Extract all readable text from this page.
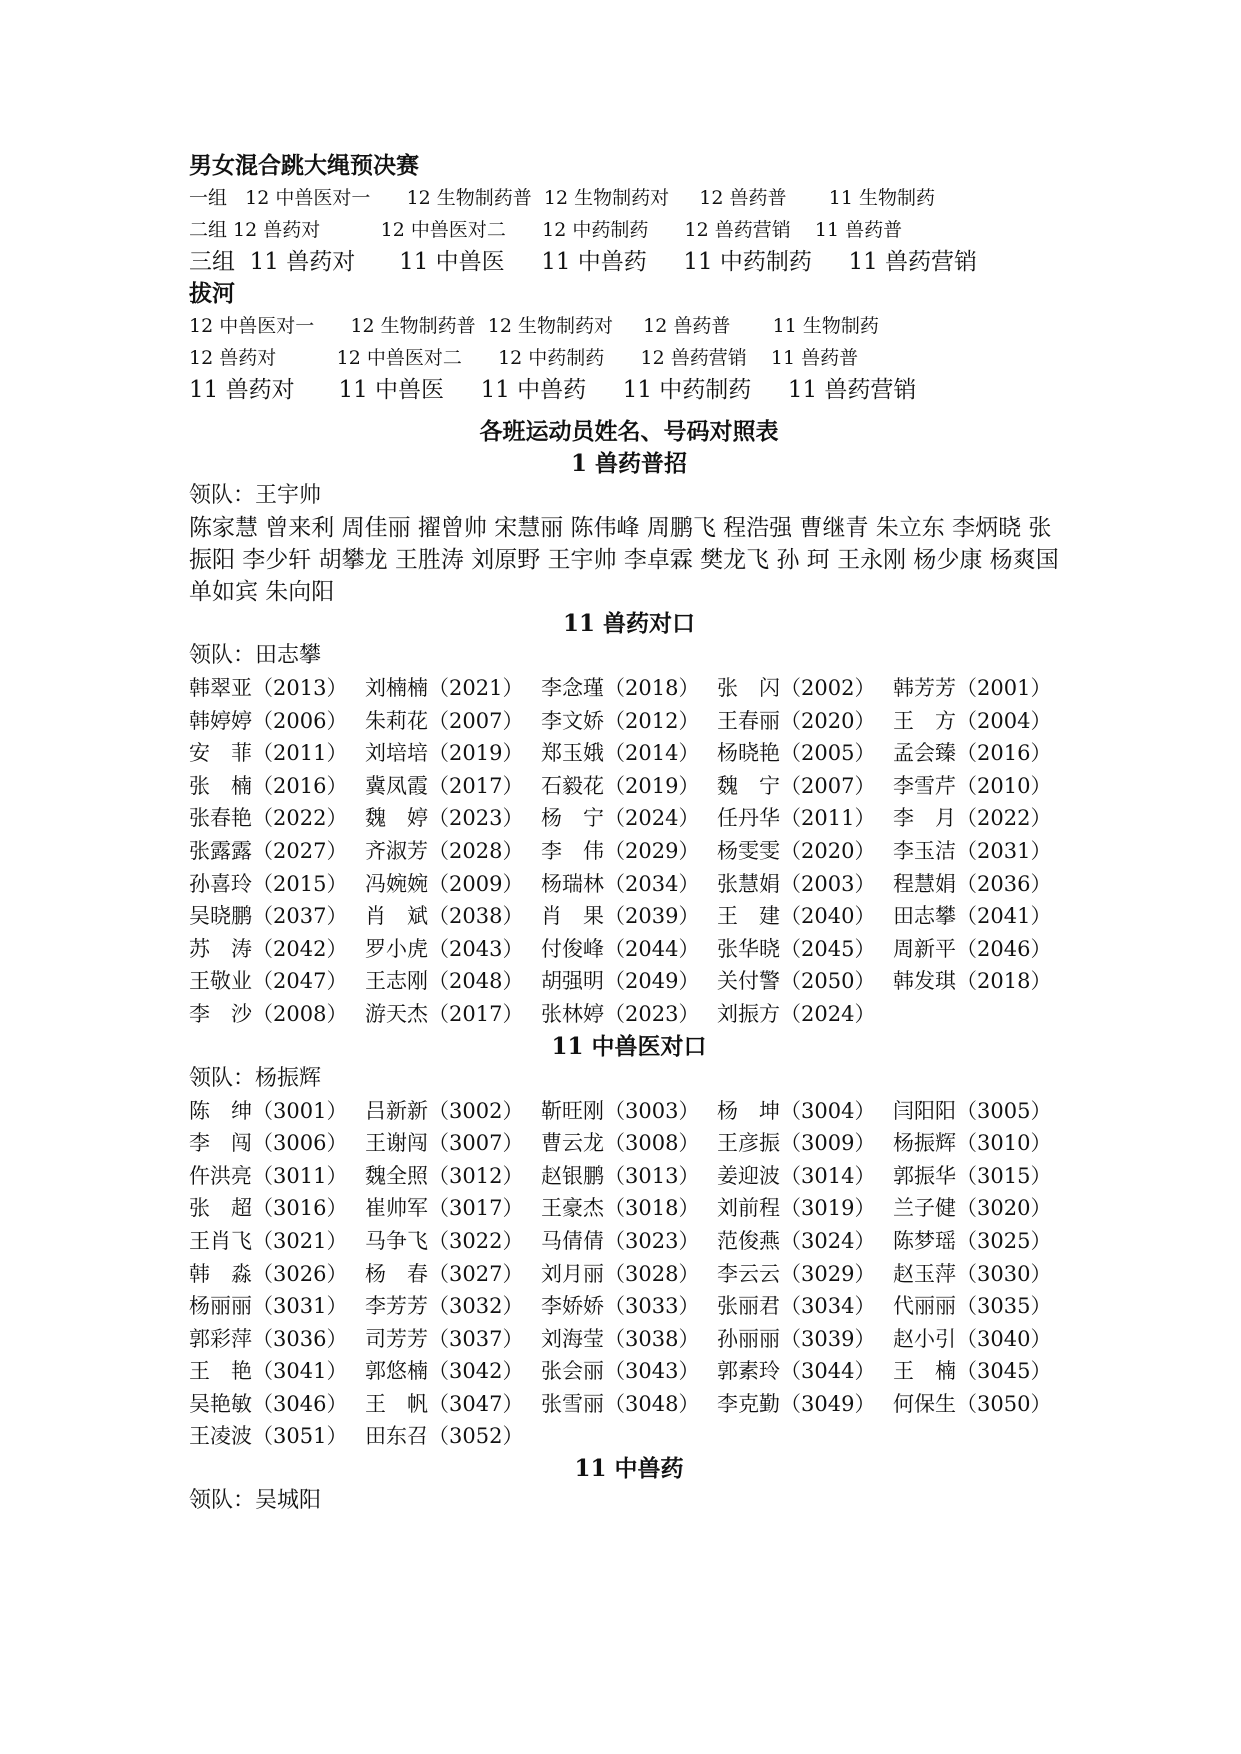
男女混合跳大绳预决赛
一组   12 中兽医对一      12 生物制药普  12 生物制药对     12 兽药普       11 生物制药
二组 12 兽药对          12 中兽医对二      12 中药制药      12 兽药营销    11 兽药普
三组  11 兽药对      11 中兽医     11 中兽药     11 中药制药     11 兽药营销
拔河
12 中兽医对一      12 生物制药普  12 生物制药对     12 兽药普       11 生物制药
12 兽药对          12 中兽医对二      12 中药制药      12 兽药营销    11 兽药普
11 兽药对      11 中兽医     11 中兽药     11 中药制药     11 兽药营销
各班运动员姓名、号码对照表
1 兽药普招
领队：王宇帅
陈家慧 曾来利 周佳丽 擢曾帅 宋慧丽 陈伟峰 周鹏飞 程浩强 曹继青 朱立东 李炳晓 张振阳 李少轩 胡攀龙 王胜涛 刘原野 王宇帅 李卓霖 樊龙飞 孙 珂 王永刚 杨少康 杨爽国 单如宾 朱向阳
11 兽药对口
领队：田志攀
韩翠亚（2013） 刘楠楠（2021） 李念瑾（2018） 张　闪（2002） 韩芳芳（2001）
韩婷婷（2006） 朱莉花（2007） 李文娇（2012） 王春丽（2020） 王　方（2004）
安　菲（2011） 刘培培（2019） 郑玉娥（2014） 杨晓艳（2005） 孟会臻（2016）
张　楠（2016） 冀凤霞（2017） 石毅花（2019） 魏　宁（2007） 李雪芹（2010）
张春艳（2022） 魏　婷（2023） 杨　宁（2024） 任丹华（2011） 李　月（2022）
张露露（2027） 齐淑芳（2028） 李　伟（2029） 杨雯雯（2020） 李玉洁（2031）
孙喜玲（2015） 冯婉婉（2009） 杨瑞林（2034） 张慧娟（2003） 程慧娟（2036）
吴晓鹏（2037） 肖　斌（2038） 肖　果（2039） 王　建（2040） 田志攀（2041）
苏　涛（2042） 罗小虎（2043） 付俊峰（2044） 张华晓（2045） 周新平（2046）
王敬业（2047） 王志刚（2048） 胡强明（2049） 关付警（2050） 韩发琪（2018）
李　沙（2008） 游天杰（2017） 张林婷（2023） 刘振方（2024）
11 中兽医对口
领队：杨振辉
陈　绅（3001） 吕新新（3002） 靳旺刚（3003） 杨　坤（3004） 闫阳阳（3005）
李　闯（3006） 王谢闯（3007） 曹云龙（3008） 王彦振（3009） 杨振辉（3010）
仵洪亮（3011） 魏全照（3012） 赵银鹏（3013） 姜迎波（3014） 郭振华（3015）
张　超（3016） 崔帅军（3017） 王豪杰（3018） 刘前程（3019） 兰子健（3020）
王肖飞（3021） 马争飞（3022） 马倩倩（3023） 范俊燕（3024） 陈梦瑶（3025）
韩　淼（3026） 杨　春（3027） 刘月丽（3028） 李云云（3029） 赵玉萍（3030）
杨丽丽（3031） 李芳芳（3032） 李娇娇（3033） 张丽君（3034） 代丽丽（3035）
郭彩萍（3036） 司芳芳（3037） 刘海莹（3038） 孙丽丽（3039） 赵小引（3040）
王　艳（3041） 郭悠楠（3042） 张会丽（3043） 郭素玲（3044） 王　楠（3045）
吴艳敏（3046） 王　帆（3047） 张雪丽（3048） 李克勤（3049） 何保生（3050）
王凌波（3051） 田东召（3052）
11 中兽药
领队：吴城阳
